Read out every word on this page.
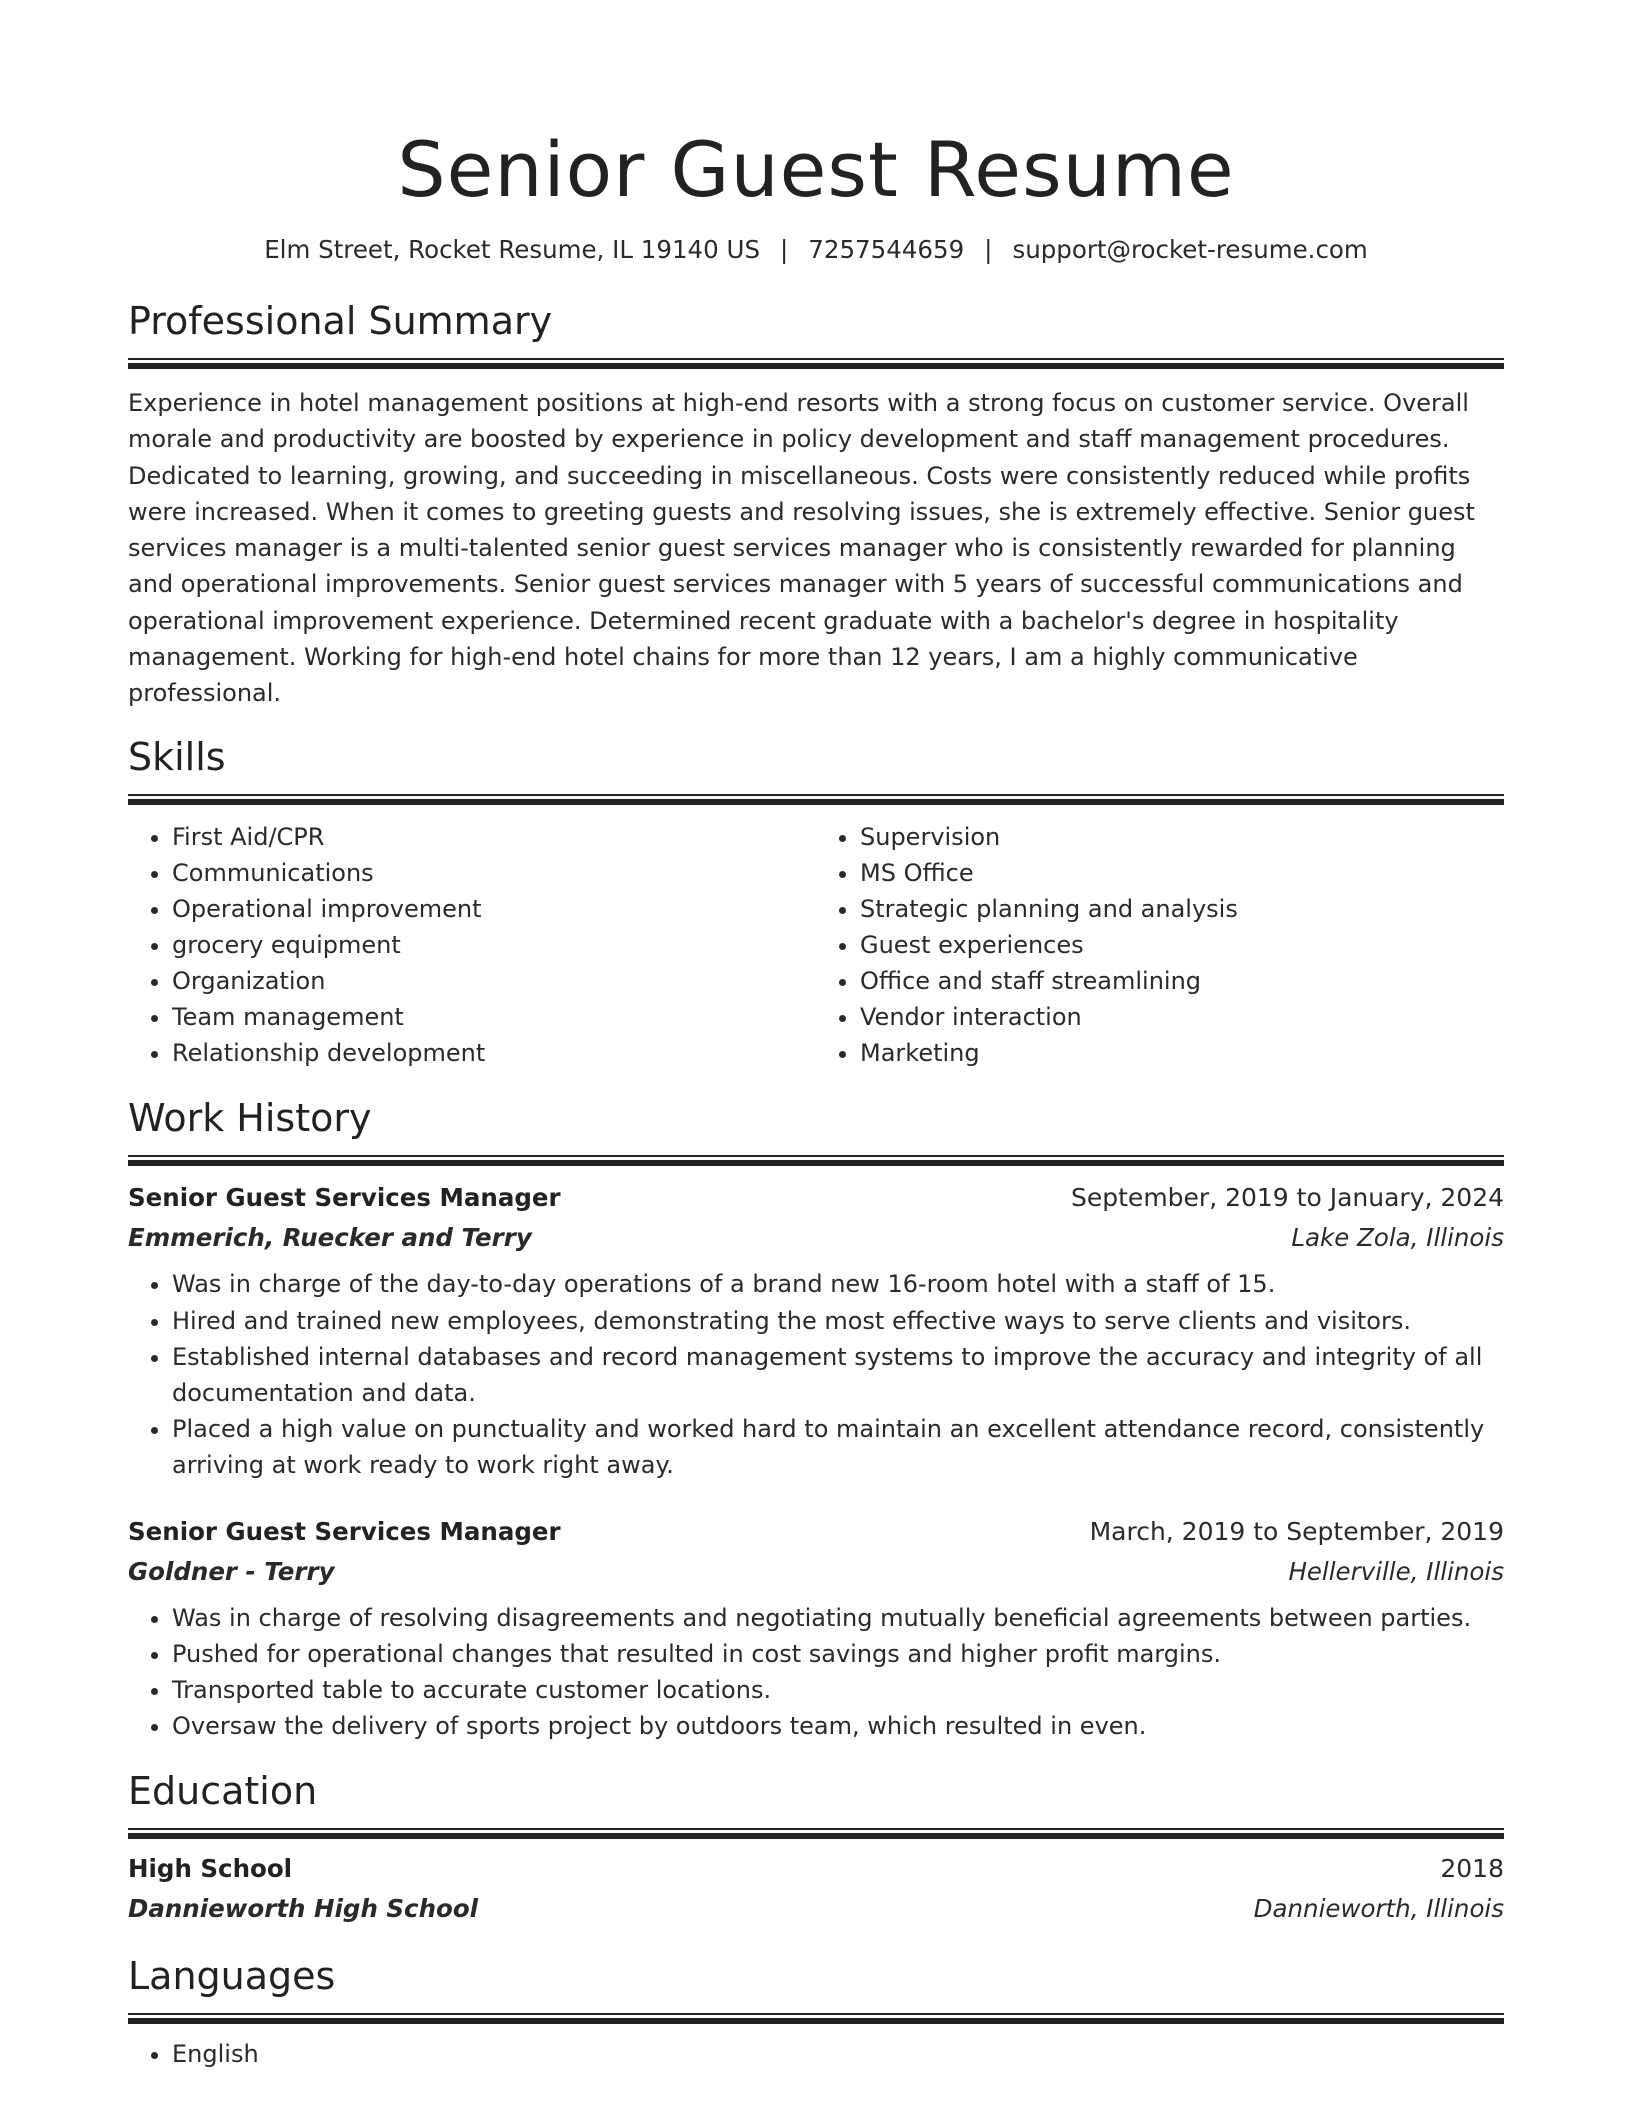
Senior Guest Resume
Elm Street, Rocket Resume, IL 19140 US | 7257544659 | support@rocket-resume.com
Professional Summary

Experience in hotel management positions at high-end resorts with a strong focus on customer service. Overall morale and productivity are boosted by experience in policy development and staff management procedures. Dedicated to learning, growing, and succeeding in miscellaneous. Costs were consistently reduced while profits were increased. When it comes to greeting guests and resolving issues, she is extremely effective. Senior guest services manager is a multi-talented senior guest services manager who is consistently rewarded for planning and operational improvements. Senior guest services manager with 5 years of successful communications and operational improvement experience. Determined recent graduate with a bachelor's degree in hospitality management. Working for high-end hotel chains for more than 12 years, I am a highly communicative professional.

Skills
• First Aid/CPR
• Communications
• Operational improvement
• grocery equipment
• Organization
• Team management
• Relationship development
• Supervision
• MS Office
• Strategic planning and analysis
• Guest experiences
• Office and staff streamlining
• Vendor interaction
• Marketing
Work History
Senior Guest Services Manager	September, 2019 to January, 2024
Emmerich, Ruecker and Terry	Lake Zola, Illinois
• Was in charge of the day-to-day operations of a brand new 16-room hotel with a staff of 15.
• Hired and trained new employees, demonstrating the most effective ways to serve clients and visitors.
• Established internal databases and record management systems to improve the accuracy and integrity of all documentation and data.
• Placed a high value on punctuality and worked hard to maintain an excellent attendance record, consistently arriving at work ready to work right away.
Senior Guest Services Manager	March, 2019 to September, 2019
Goldner - Terry	Hellerville, Illinois
• Was in charge of resolving disagreements and negotiating mutually beneficial agreements between parties.
• Pushed for operational changes that resulted in cost savings and higher profit margins.
• Transported table to accurate customer locations.
• Oversaw the delivery of sports project by outdoors team, which resulted in even.
Education
High School	2018
Dannieworth High School	Dannieworth, Illinois
Languages
• English
